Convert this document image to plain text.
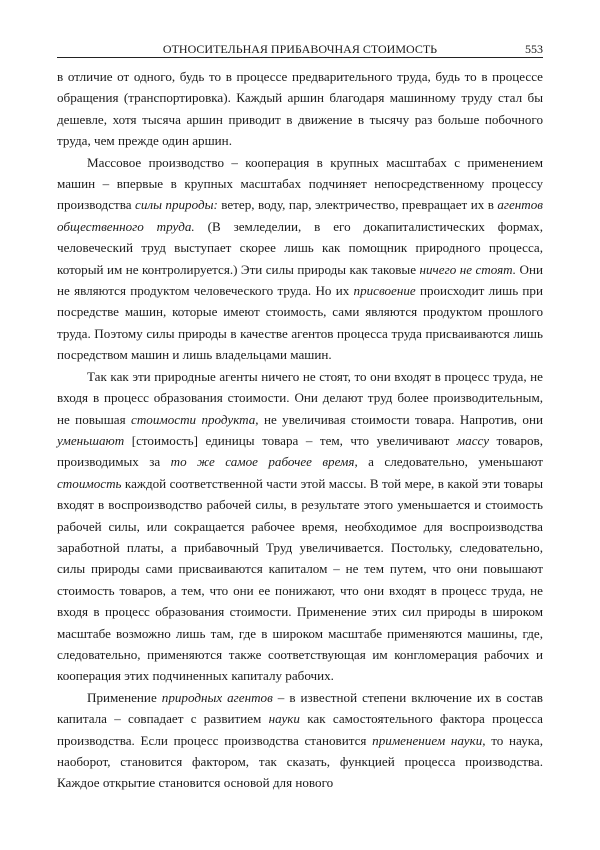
ОТНОСИТЕЛЬНАЯ ПРИБАВОЧНАЯ СТОИМОСТЬ	553

в отличие от одного, будь то в процессе предварительного труда, будь то в процессе обращения (транспортировка). Каждый аршин благодаря машинному труду стал бы дешевле, хотя тысяча аршин приводит в движение в тысячу раз больше побочного труда, чем прежде один аршин.

Массовое производство – кооперация в крупных масштабах с применением машин – впервые в крупных масштабах подчиняет непосредственному процессу производства силы природы: ветер, воду, пар, электричество, превращает их в агентов общественного труда. (В земледелии, в его докапиталистических формах, человеческий труд выступает скорее лишь как помощник природного процесса, который им не контролируется.) Эти силы природы как таковые ничего не стоят. Они не являются продуктом человеческого труда. Но их присвоение происходит лишь при посредстве машин, которые имеют стоимость, сами являются продуктом прошлого труда. Поэтому силы природы в качестве агентов процесса труда присваиваются лишь посредством машин и лишь владельцами машин.

Так как эти природные агенты ничего не стоят, то они входят в процесс труда, не входя в процесс образования стоимости. Они делают труд более производительным, не повышая стоимости продукта, не увеличивая стоимости товара. Напротив, они уменьшают [стоимость] единицы товара – тем, что увеличивают массу товаров, производимых за то же самое рабочее время, а следовательно, уменьшают стоимость каждой соответственной части этой массы. В той мере, в какой эти товары входят в воспроизводство рабочей силы, в результате этого уменьшается и стоимость рабочей силы, или сокращается рабочее время, необходимое для воспроизводства заработной платы, а прибавочный Труд увеличивается. Постольку, следовательно, силы природы сами присваиваются капиталом – не тем путем, что они повышают стоимость товаров, а тем, что они ее понижают, что они входят в процесс труда, не входя в процесс образования стоимости. Применение этих сил природы в широком масштабе возможно лишь там, где в широком масштабе применяются машины, где, следовательно, применяются также соответствующая им конгломерация рабочих и кооперация этих подчиненных капиталу рабочих.

Применение природных агентов – в известной степени включение их в состав капитала – совпадает с развитием науки как самостоятельного фактора процесса производства. Если процесс производства становится применением науки, то наука, наоборот, становится фактором, так сказать, функцией процесса производства. Каждое открытие становится основой для нового
